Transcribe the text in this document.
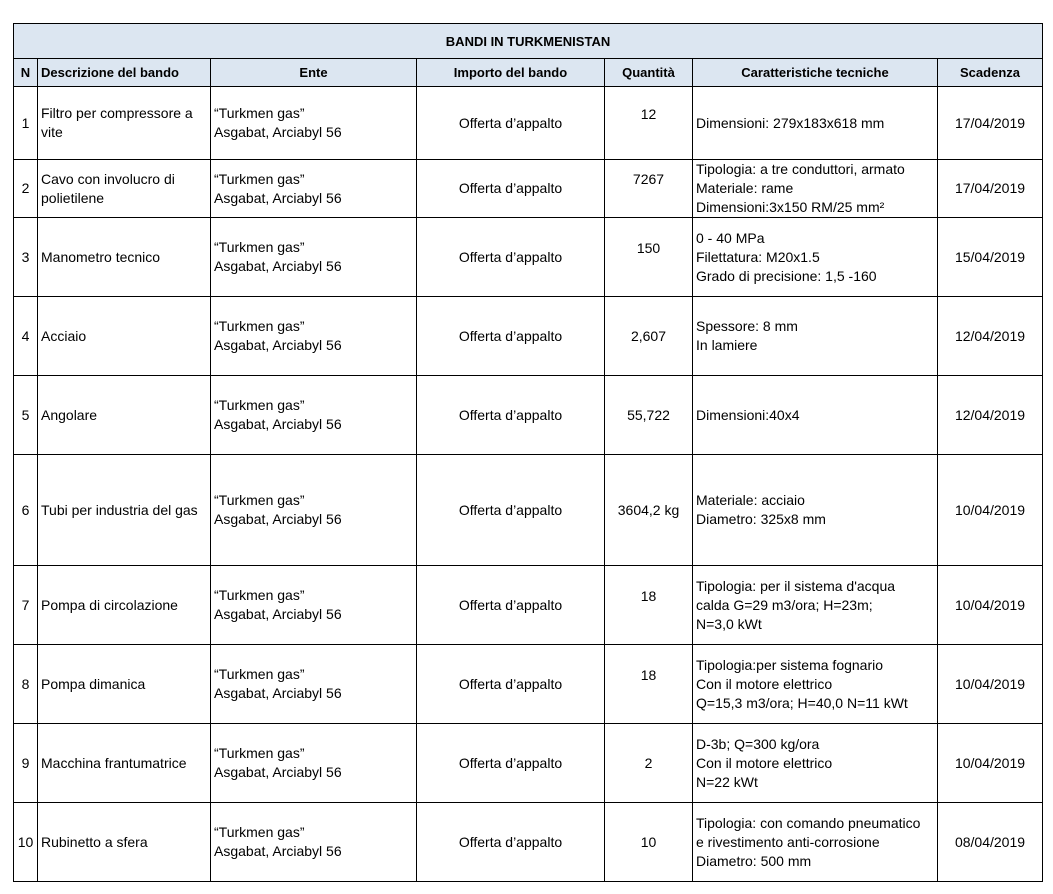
BANDI IN TURKMENISTAN						
N	Descrizione del bando	Ente	Importo del bando	Quantità	Caratteristiche tecniche	Scadenza
1	Filtro per compressore a
vite	“Turkmen gas”
Asgabat, Arciabyl 56	Offerta d’appalto	12	Dimensioni: 279x183x618 mm	17/04/2019
2	Cavo con involucro di
polietilene	“Turkmen gas”
Asgabat, Arciabyl 56	Offerta d’appalto	7267	Tipologia: a tre conduttori, armato
Materiale: rame
Dimensioni:3x150 RM/25 mm²	17/04/2019
3	Manometro tecnico	“Turkmen gas”
Asgabat, Arciabyl 56	Offerta d’appalto	150	0 - 40 MPa
Filettatura: M20x1.5
Grado di precisione: 1,5 -160	15/04/2019
4	Acciaio	“Turkmen gas”
Asgabat, Arciabyl 56	Offerta d’appalto	2,607	Spessore: 8 mm
In lamiere	12/04/2019
5	Angolare	“Turkmen gas”
Asgabat, Arciabyl 56	Offerta d’appalto	55,722	Dimensioni:40x4	12/04/2019
6	Tubi per industria del gas	“Turkmen gas”
Asgabat, Arciabyl 56	Offerta d’appalto	3604,2 kg	Materiale: acciaio
Diametro: 325x8 mm	10/04/2019
7	Pompa di circolazione	“Turkmen gas”
Asgabat, Arciabyl 56	Offerta d’appalto	18	Tipologia: per il sistema d'acqua
calda G=29 m3/ora; H=23m;
N=3,0 kWt	10/04/2019
8	Pompa dimanica	“Turkmen gas”
Asgabat, Arciabyl 56	Offerta d’appalto	18	Tipologia:per sistema fognario
Con il motore elettrico
Q=15,3 m3/ora; H=40,0 N=11 kWt	10/04/2019
9	Macchina frantumatrice	“Turkmen gas”
Asgabat, Arciabyl 56	Offerta d’appalto	2	D-3b; Q=300 kg/ora
Con il motore elettrico
N=22 kWt	10/04/2019
10	Rubinetto a sfera	“Turkmen gas”
Asgabat, Arciabyl 56	Offerta d’appalto	10	Tipologia: con comando pneumatico
e rivestimento anti-corrosione
Diametro: 500 mm	08/04/2019
